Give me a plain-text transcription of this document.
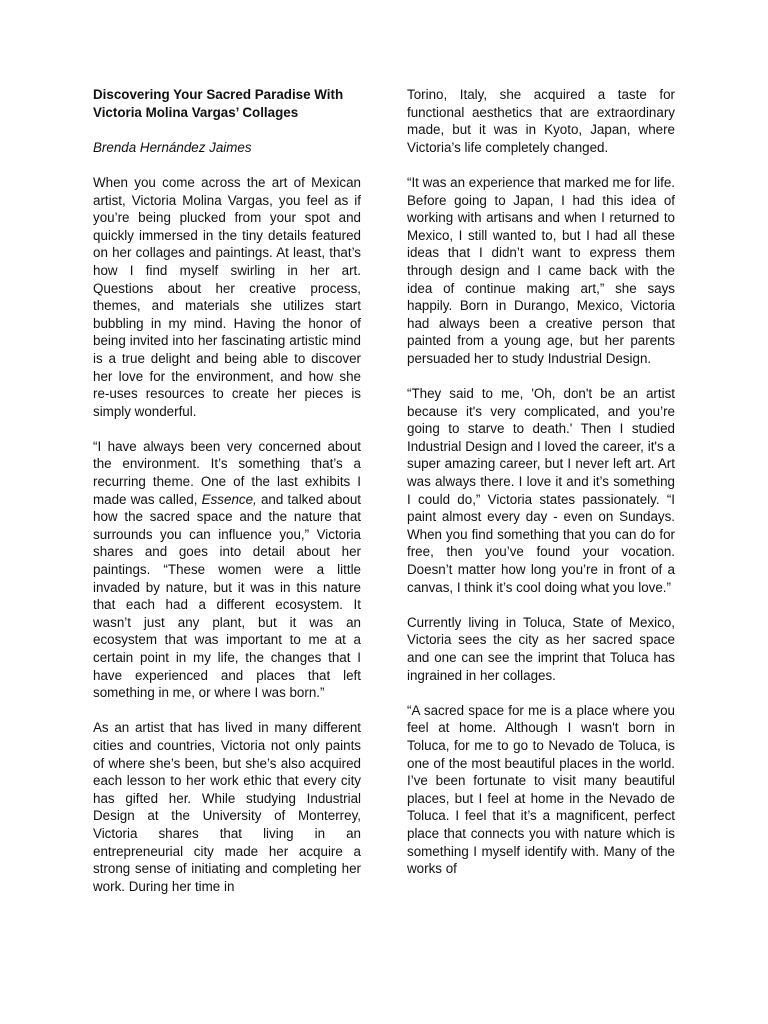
Discovering Your Sacred Paradise With
Victoria Molina Vargas’ Collages

Brenda Hernández Jaimes

When you come across the art of Mexican artist, Victoria Molina Vargas, you feel as if you’re being plucked from your spot and quickly immersed in the tiny details featured on her collages and paintings. At least, that’s how I find myself swirling in her art. Questions about her creative process, themes, and materials she utilizes start bubbling in my mind. Having the honor of being invited into her fascinating artistic mind is a true delight and being able to discover her love for the environment, and how she re-uses resources to create her pieces is simply wonderful.

“I have always been very concerned about the environment. It’s something that’s a recurring theme. One of the last exhibits I made was called, Essence, and talked about how the sacred space and the nature that surrounds you can influence you,” Victoria shares and goes into detail about her paintings. “These women were a little invaded by nature, but it was in this nature that each had a different ecosystem. It wasn’t just any plant, but it was an ecosystem that was important to me at a certain point in my life, the changes that I have experienced and places that left something in me, or where I was born.”

As an artist that has lived in many different cities and countries, Victoria not only paints of where she’s been, but she’s also acquired each lesson to her work ethic that every city has gifted her. While studying Industrial Design at the University of Monterrey, Victoria shares that living in an entrepreneurial city made her acquire a strong sense of initiating and completing her work. During her time in

Torino, Italy, she acquired a taste for functional aesthetics that are extraordinary made, but it was in Kyoto, Japan, where Victoria’s life completely changed.

“It was an experience that marked me for life. Before going to Japan, I had this idea of working with artisans and when I returned to Mexico, I still wanted to, but I had all these ideas that I didn’t want to express them through design and I came back with the idea of continue making art,” she says happily. Born in Durango, Mexico, Victoria had always been a creative person that painted from a young age, but her parents persuaded her to study Industrial Design.

“They said to me, 'Oh, don't be an artist because it's very complicated, and you’re going to starve to death.' Then I studied Industrial Design and I loved the career, it's a super amazing career, but I never left art. Art was always there. I love it and it’s something I could do,” Victoria states passionately. “I paint almost every day - even on Sundays. When you find something that you can do for free, then you’ve found your vocation. Doesn’t matter how long you’re in front of a canvas, I think it’s cool doing what you love.”

Currently living in Toluca, State of Mexico, Victoria sees the city as her sacred space and one can see the imprint that Toluca has ingrained in her collages.

“A sacred space for me is a place where you feel at home. Although I wasn't born in Toluca, for me to go to Nevado de Toluca, is one of the most beautiful places in the world. I’ve been fortunate to visit many beautiful places, but I feel at home in the Nevado de Toluca. I feel that it’s a magnificent, perfect place that connects you with nature which is something I myself identify with. Many of the works of
